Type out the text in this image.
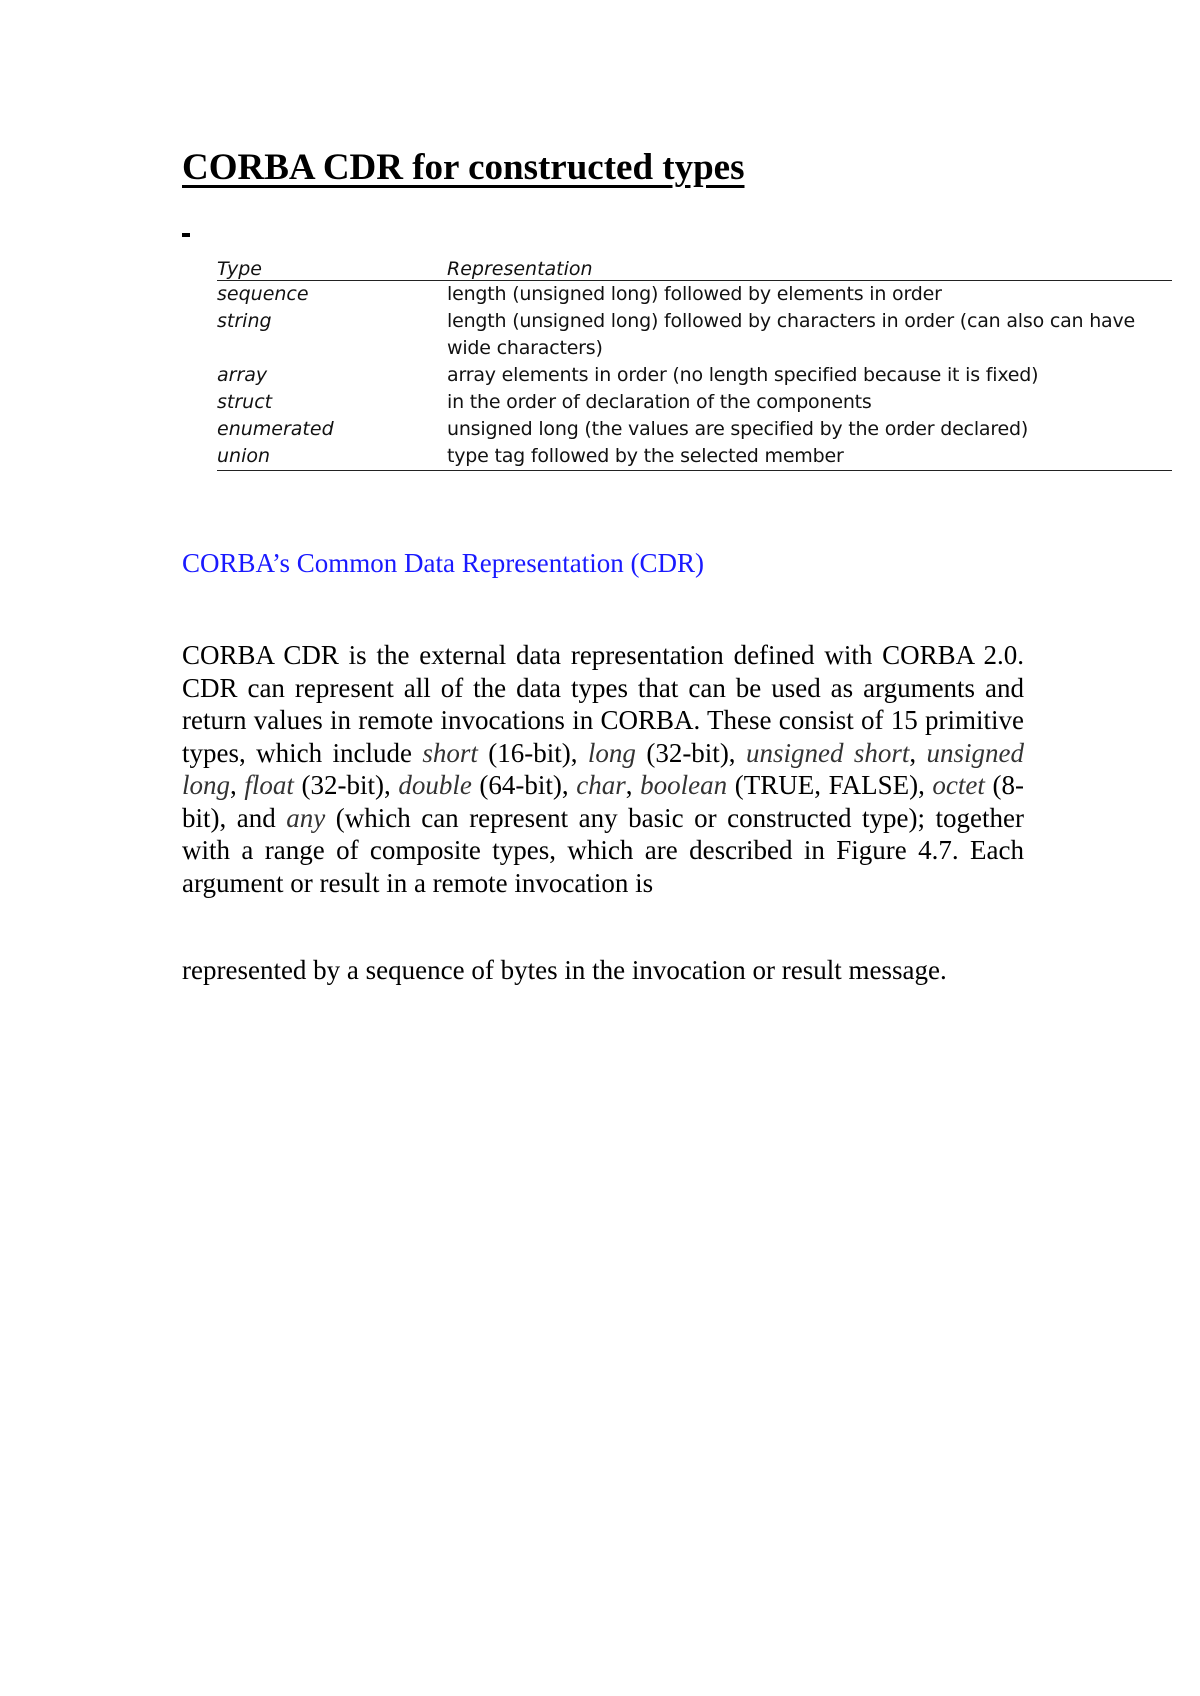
CORBA CDR for constructed types
Type	Representation
sequence	length (unsigned long) followed by elements in order
string	length (unsigned long) followed by characters in order (can also can have wide characters)
array	array elements in order (no length specified because it is fixed)
struct	in the order of declaration of the components
enumerated	unsigned long (the values are specified by the order declared)
union	type tag followed by the selected member
CORBA’s Common Data Representation (CDR)

CORBA CDR is the external data representation defined with CORBA 2.0. CDR can represent all of the data types that can be used as arguments and return values in remote invocations in CORBA. These consist of 15 primitive types, which include short (16-bit), long (32-bit), unsigned short, unsigned long, float (32-bit), double (64-bit), char, boolean (TRUE, FALSE), octet (8-bit), and any (which can represent any basic or constructed type); together with a range of composite types, which are described in Figure 4.7. Each argument or result in a remote invocation is

represented by a sequence of bytes in the invocation or result message.
